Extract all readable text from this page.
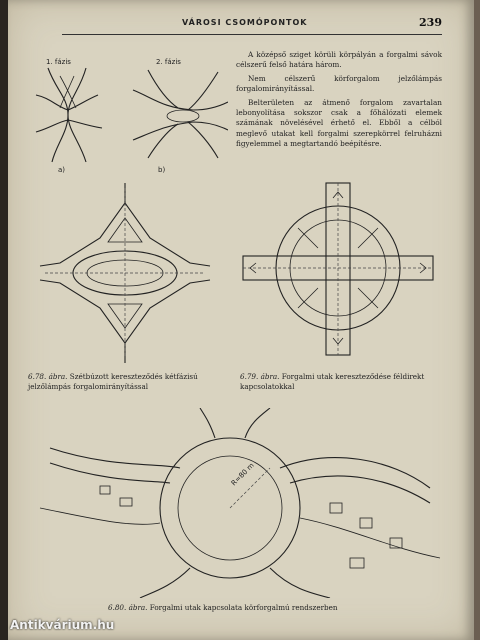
VÁROSI CSOMÓPONTOK	239

A középső sziget körüli körpályán a forgalmi sávok célszerű felső határa három.

Nem célszerű körforgalom jelzőlámpás forgalomirányítással.

Belterületen az átmenő forgalom zavartalan lebonyolítása sokszor csak a főhálózati elemek számának növelésével érhető el. Ebből a célból meglevő utakat kell forgalmi szerepkörrel felruházni figyelemmel a megtartandó beépítésre.

1. fázis	2. fázis
a)	b)
6.78. ábra. Szétbúzott kereszteződés kétfázisú jelzőlámpás forgalomirányítással
6.79. ábra. Forgalmi utak kereszteződése féldirekt kapcsolatokkal
R=80 m
6.80. ábra. Forgalmi utak kapcsolata körforgalmú rendszerben
Antikvárium.hu
